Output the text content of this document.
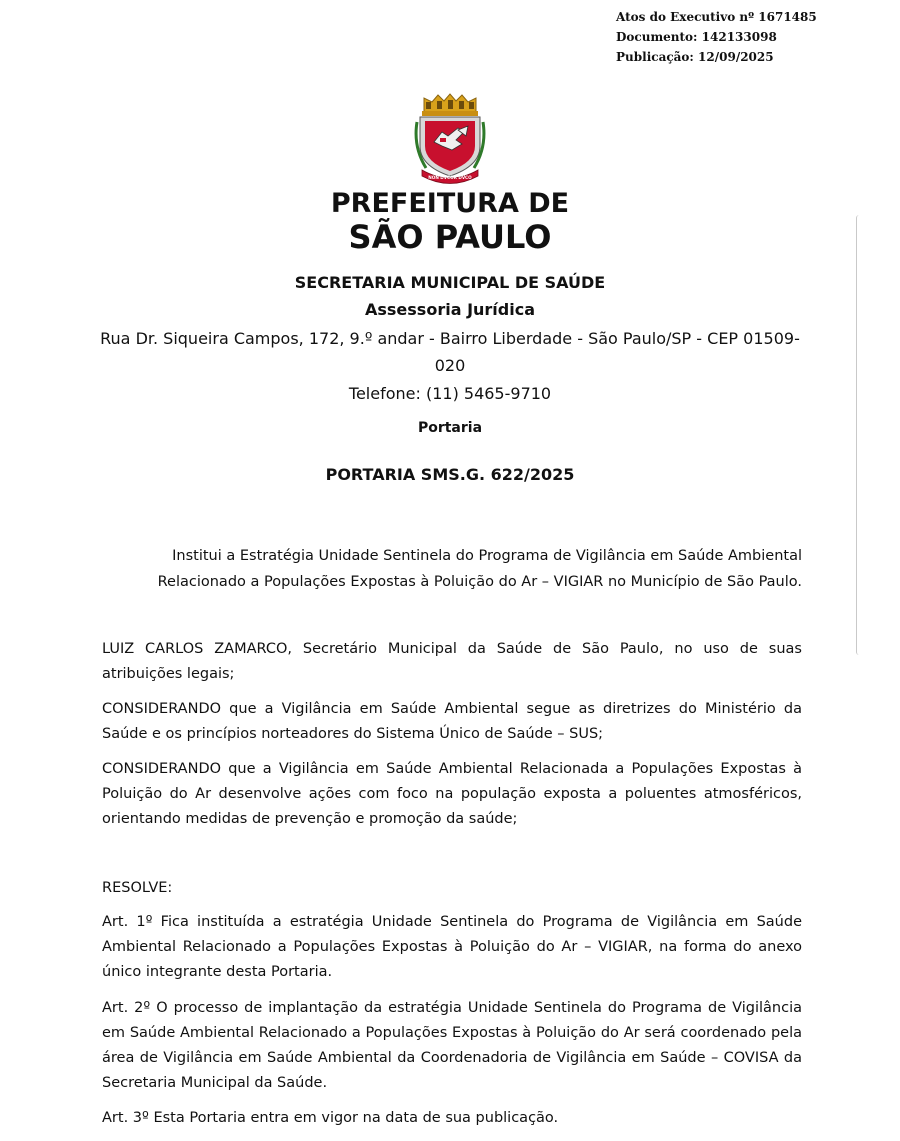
Atos do Executivo nº 1671485
Documento: 142133098
Publicação: 12/09/2025
NON DVCOR DVCO
PREFEITURA DE
SÃO PAULO
SECRETARIA MUNICIPAL DE SAÚDE
Assessoria Jurídica
Rua Dr. Siqueira Campos, 172, 9.º andar - Bairro Liberdade - São Paulo/SP - CEP 01509-020
Telefone: (11) 5465-9710
Portaria
PORTARIA SMS.G. 622/2025
Institui a Estratégia Unidade Sentinela do Programa de Vigilância em Saúde Ambiental Relacionado a Populações Expostas à Poluição do Ar – VIGIAR no Município de São Paulo.
LUIZ CARLOS ZAMARCO, Secretário Municipal da Saúde de São Paulo, no uso de suas atribuições legais;
CONSIDERANDO que a Vigilância em Saúde Ambiental segue as diretrizes do Ministério da Saúde e os princípios norteadores do Sistema Único de Saúde – SUS;
CONSIDERANDO que a Vigilância em Saúde Ambiental Relacionada a Populações Expostas à Poluição do Ar desenvolve ações com foco na população exposta a poluentes atmosféricos, orientando medidas de prevenção e promoção da saúde;
RESOLVE:
Art. 1º Fica instituída a estratégia Unidade Sentinela do Programa de Vigilância em Saúde Ambiental Relacionado a Populações Expostas à Poluição do Ar – VIGIAR, na forma do anexo único integrante desta Portaria.
Art. 2º O processo de implantação da estratégia Unidade Sentinela do Programa de Vigilância em Saúde Ambiental Relacionado a Populações Expostas à Poluição do Ar será coordenado pela área de Vigilância em Saúde Ambiental da Coordenadoria de Vigilância em Saúde – COVISA da Secretaria Municipal da Saúde.
Art. 3º Esta Portaria entra em vigor na data de sua publicação.
